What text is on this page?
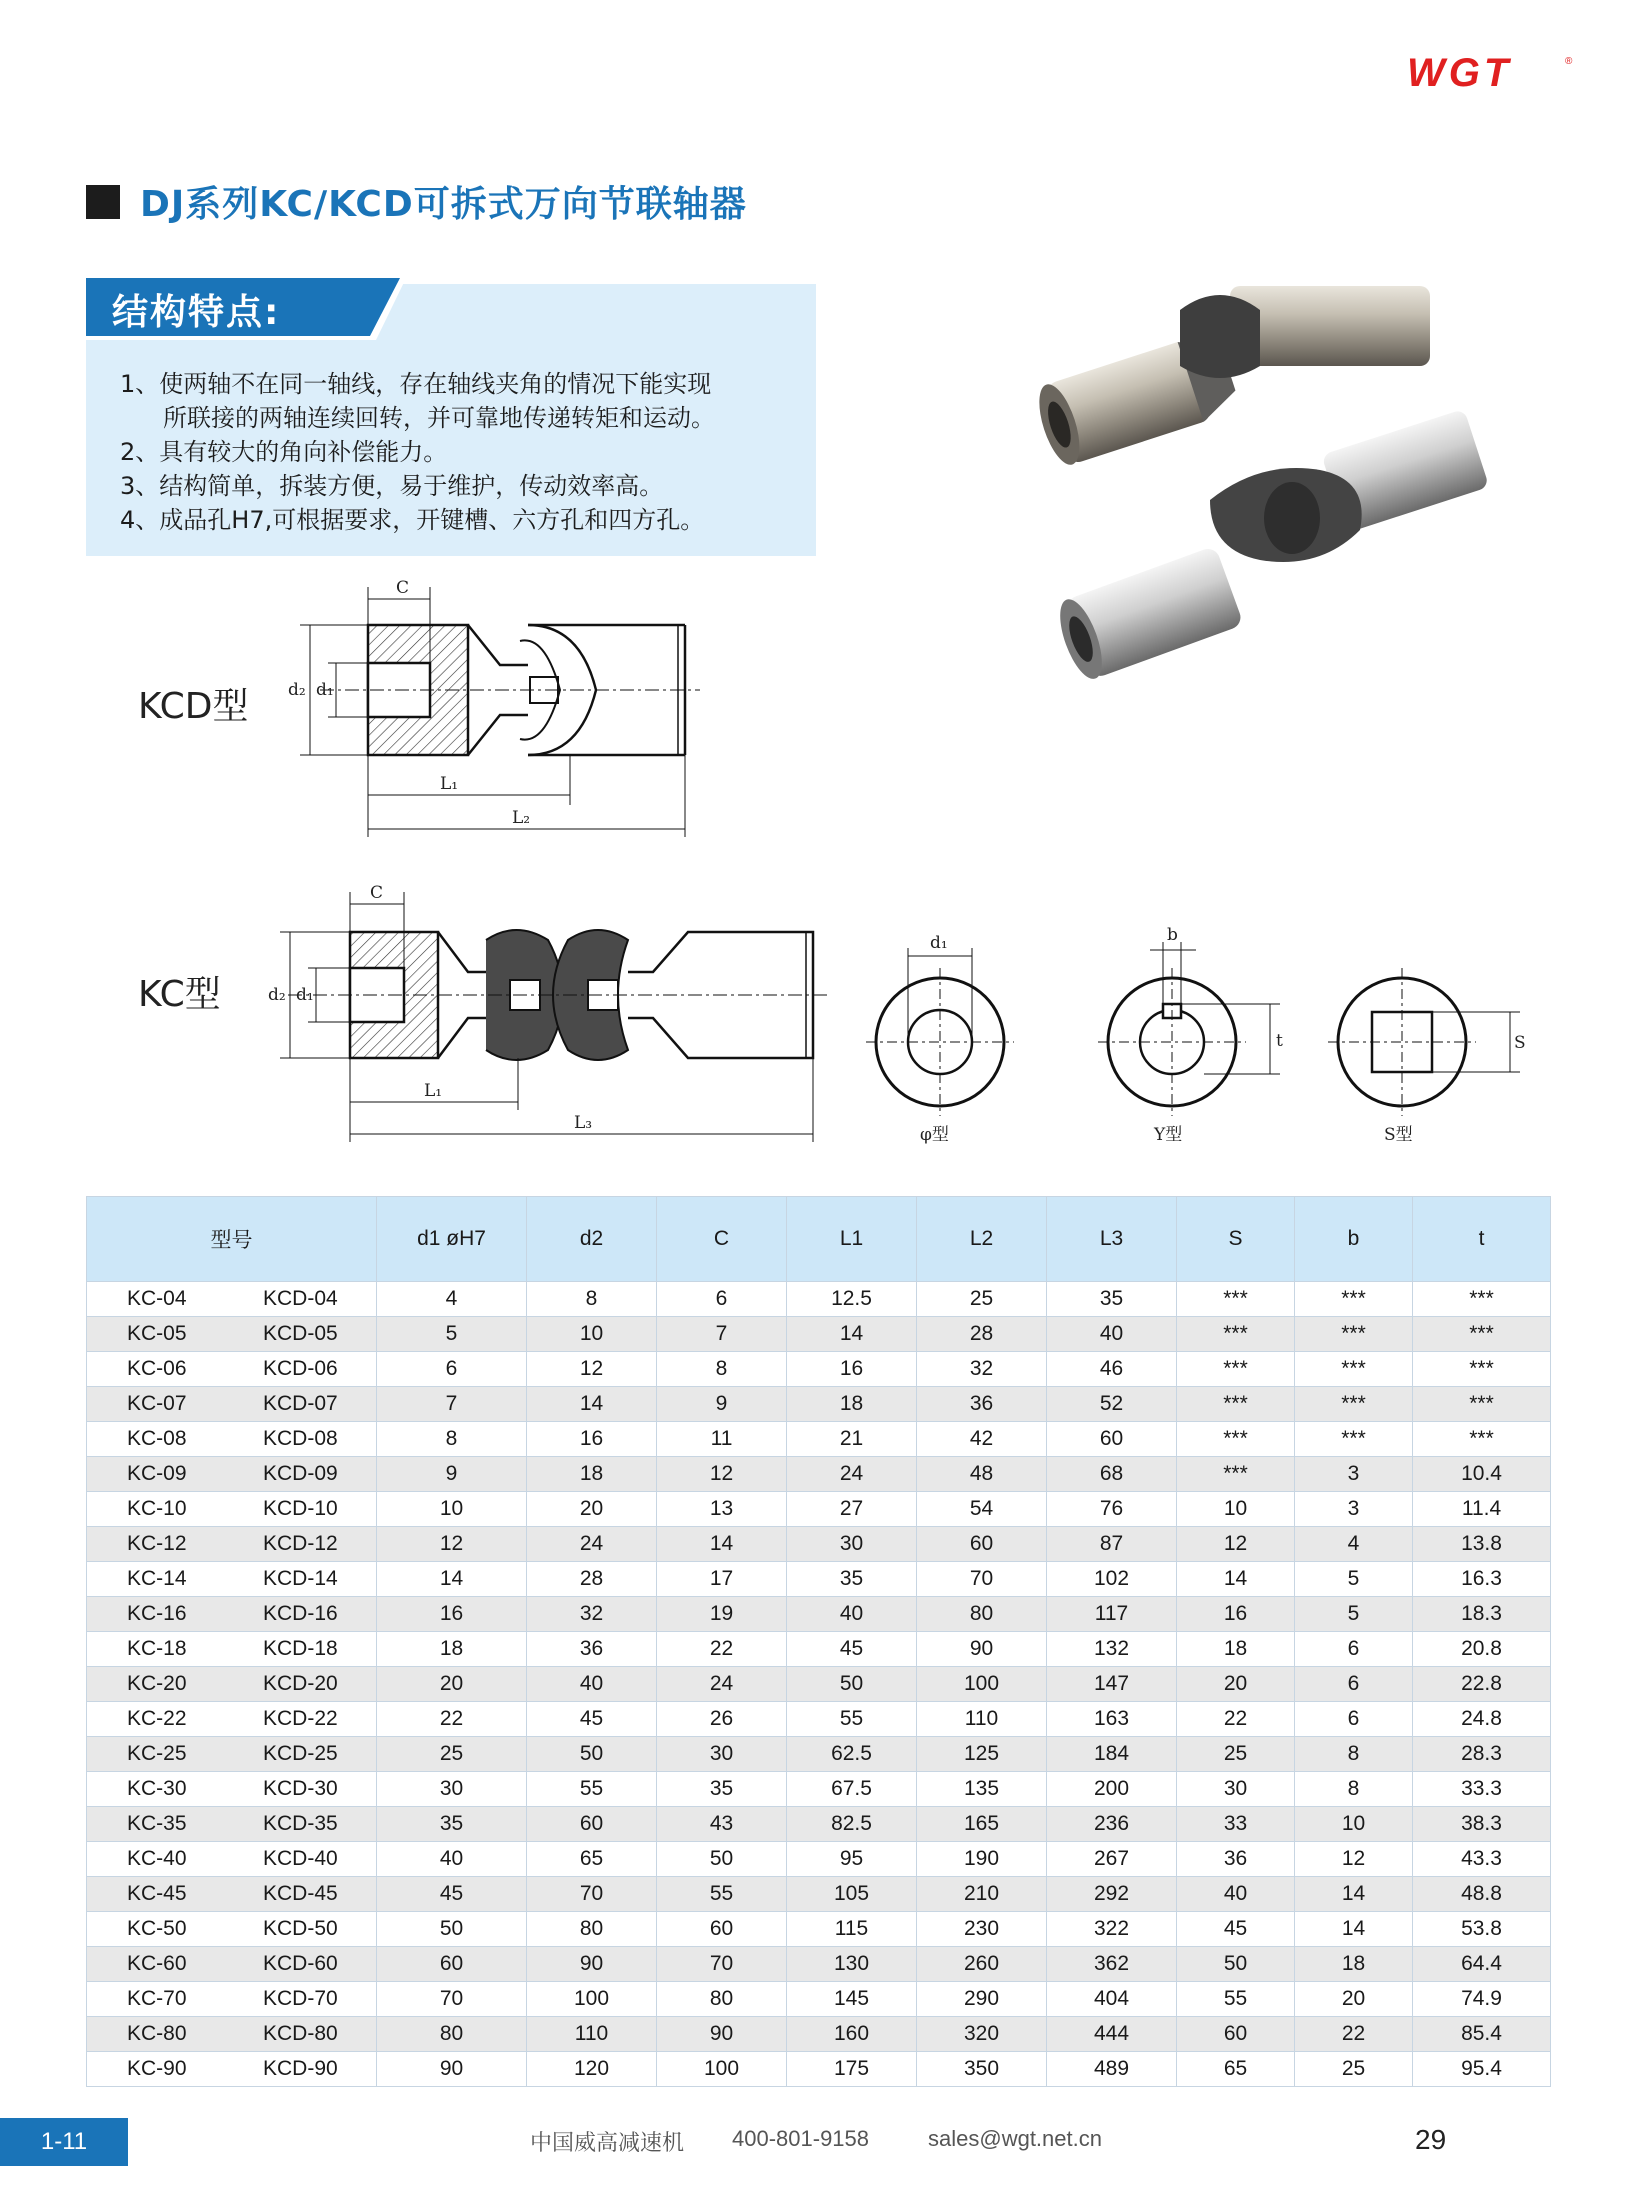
WGT	®
DJ系列KC/KCD可拆式万向节联轴器
结构特点:
1、使两轴不在同一轴线，存在轴线夹角的情况下能实现
所联接的两轴连续回转，并可靠地传递转矩和运动。
2、具有较大的角向补偿能力。
3、结构简单，拆装方便，易于维护，传动效率高。
4、成品孔H7,可根据要求，开键槽、六方孔和四方孔。
KCD型 d₂ d₁
C
L₁
L₂
KC型	d₂ d₁
C
L₁
L₃
d₁
φ型
b
t
Y型
S
S型
型号	d1 øH7	d2	C	L1	L2	L3	S	b	t

KC-04 KCD-04	4	8	6	12.5	25	35	***	***	***

KC-05 KCD-05	5	10	7	14	28	40	***	***	***

KC-06 KCD-06	6	12	8	16	32	46	***	***	***

KC-07 KCD-07	7	14	9	18	36	52	***	***	***

KC-08 KCD-08	8	16	11	21	42	60	***	***	***

KC-09 KCD-09	9	18	12	24	48	68	***	3	10.4

KC-10 KCD-10	10	20	13	27	54	76	10	3	11.4

KC-12 KCD-12	12	24	14	30	60	87	12	4	13.8

KC-14 KCD-14	14	28	17	35	70	102	14	5	16.3

KC-16 KCD-16	16	32	19	40	80	117	16	5	18.3

KC-18 KCD-18	18	36	22	45	90	132	18	6	20.8

KC-20 KCD-20	20	40	24	50	100	147	20	6	22.8

KC-22 KCD-22	22	45	26	55	110	163	22	6	24.8

KC-25 KCD-25	25	50	30	62.5	125	184	25	8	28.3

KC-30 KCD-30	30	55	35	67.5	135	200	30	8	33.3

KC-35 KCD-35	35	60	43	82.5	165	236	33	10	38.3

KC-40 KCD-40	40	65	50	95	190	267	36	12	43.3

KC-45 KCD-45	45	70	55	105	210	292	40	14	48.8

KC-50 KCD-50	50	80	60	115	230	322	45	14	53.8

KC-60 KCD-60	60	90	70	130	260	362	50	18	64.4

KC-70 KCD-70	70	100	80	145	290	404	55	20	74.9

KC-80 KCD-80	80	110	90	160	320	444	60	22	85.4

KC-90 KCD-90	90	120	100	175	350	489	65	25	95.4
1-11	中国威高减速机 400-801-9158	sales@wgt.net.cn	29
